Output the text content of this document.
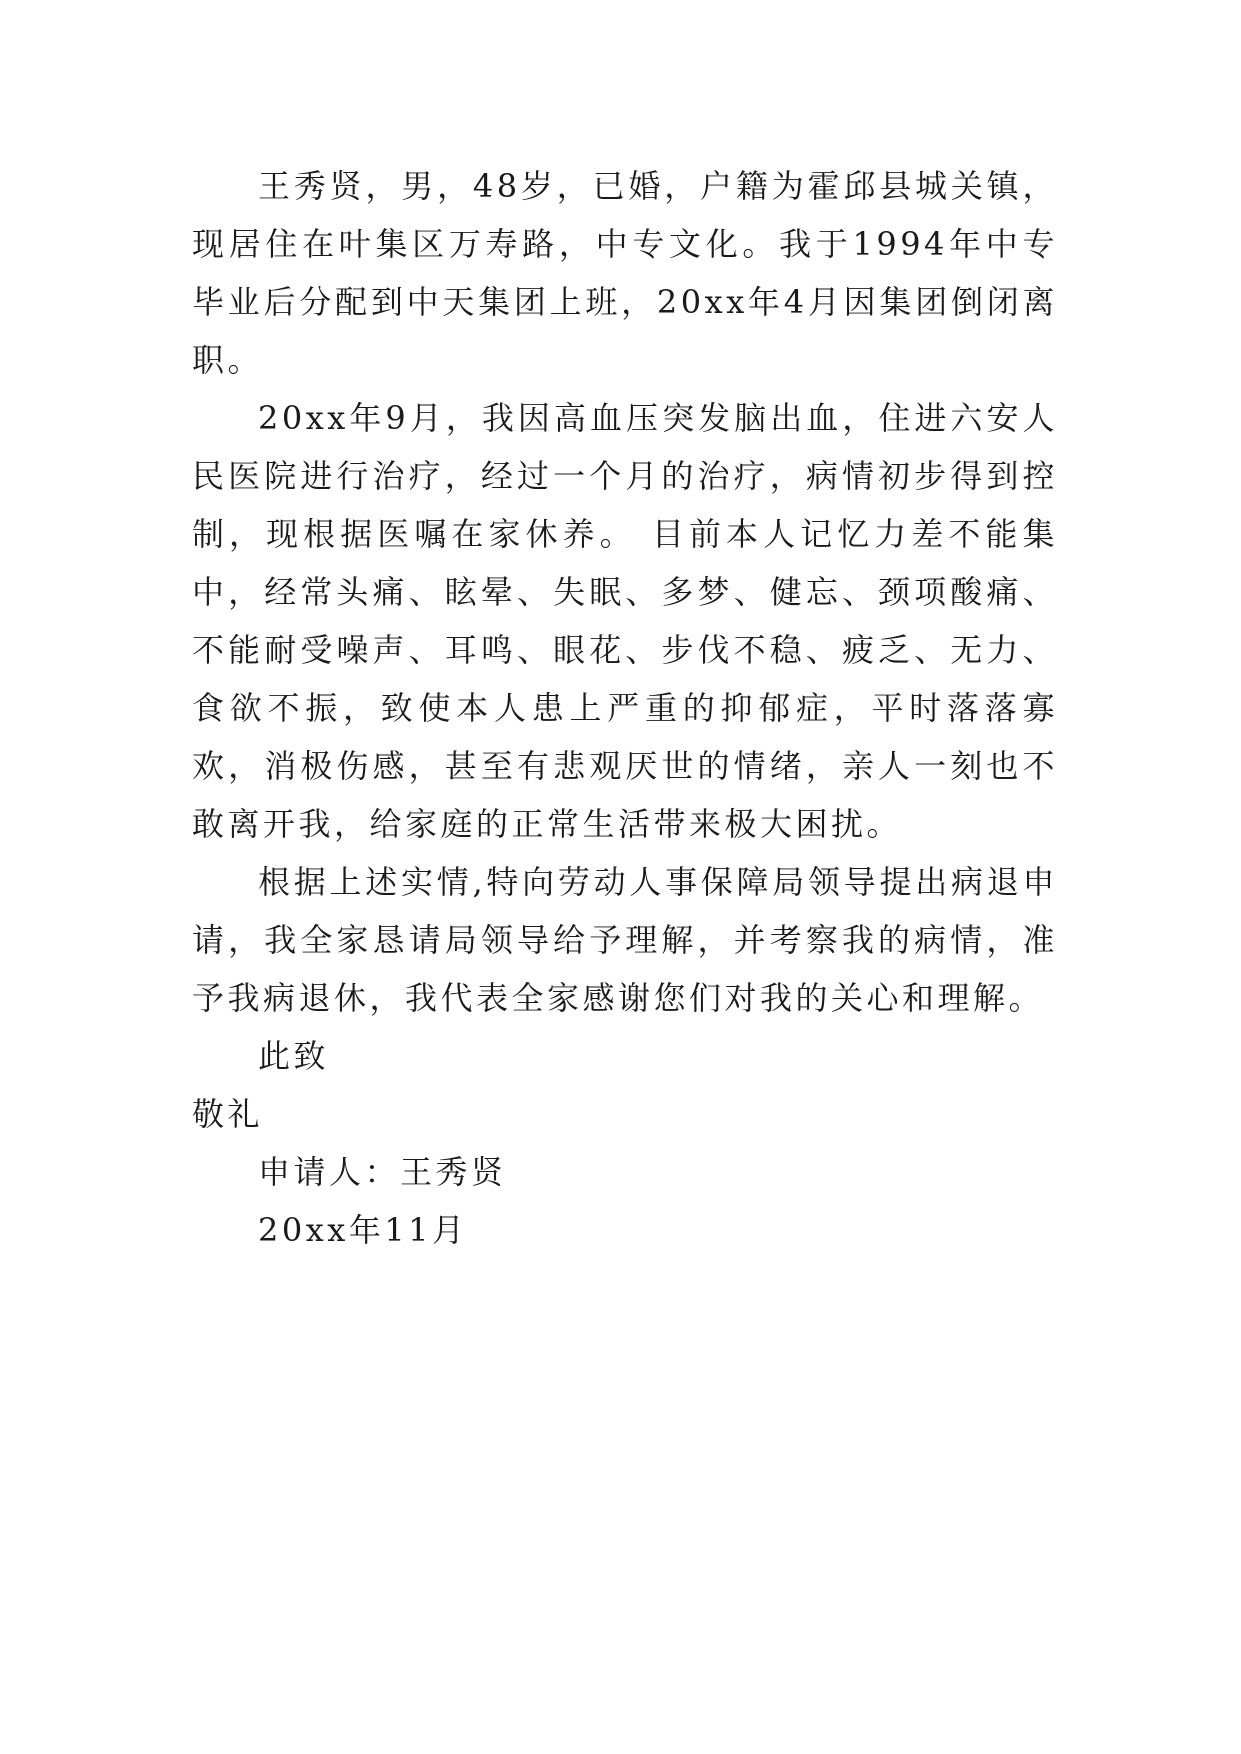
王秀贤，男，48岁，已婚，户籍为霍邱县城关镇，现居住在叶集区万寿路，中专文化。我于1994年中专毕业后分配到中天集团上班，20xx年4月因集团倒闭离职。

20xx年9月，我因高血压突发脑出血，住进六安人民医院进行治疗，经过一个月的治疗，病情初步得到控制，现根据医嘱在家休养。 目前本人记忆力差不能集中，经常头痛、眩晕、失眠、多梦、健忘、颈项酸痛、不能耐受噪声、耳鸣、眼花、步伐不稳、疲乏、无力、食欲不振，致使本人患上严重的抑郁症，平时落落寡欢，消极伤感，甚至有悲观厌世的情绪，亲人一刻也不敢离开我，给家庭的正常生活带来极大困扰。

根据上述实情,特向劳动人事保障局领导提出病退申请，我全家恳请局领导给予理解，并考察我的病情，准予我病退休，我代表全家感谢您们对我的关心和理解。

此致

敬礼

申请人：王秀贤

20xx年11月
